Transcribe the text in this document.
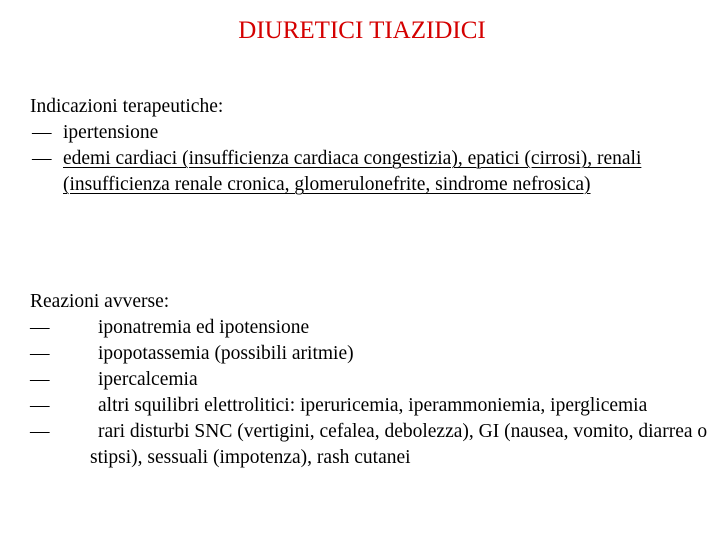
DIURETICI TIAZIDICI

Indicazioni terapeutiche:

— ipertensione
— edemi cardiaci (insufficienza cardiaca congestizia), epatici (cirrosi), renali (insufficienza renale cronica, glomerulonefrite, sindrome nefrosica)

Reazioni avverse:

—	iponatremia ed ipotensione
—	ipopotassemia (possibili aritmie)
—	ipercalcemia
—	altri squilibri elettrolitici: iperuricemia, iperammoniemia, iperglicemia
—	rari disturbi SNC (vertigini, cefalea, debolezza), GI (nausea, vomito, diarrea o stipsi), sessuali (impotenza), rash cutanei
